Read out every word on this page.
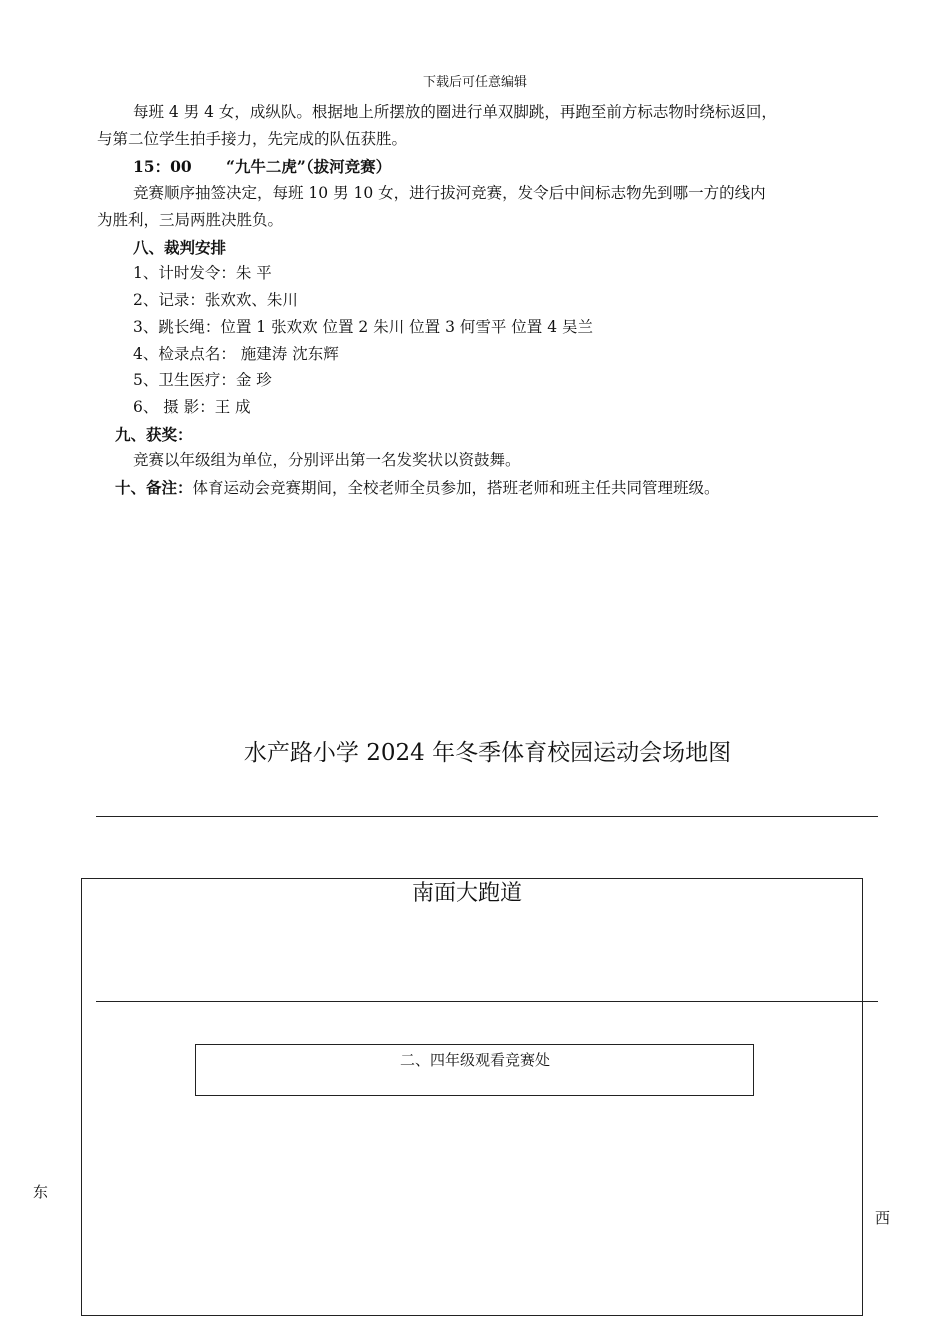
下载后可任意编辑
每班 4 男 4 女，成纵队。根据地上所摆放的圈进行单双脚跳，再跑至前方标志物时绕标返回，
与第二位学生拍手接力，先完成的队伍获胜。
15：00 “九牛二虎”（拔河竞赛）
竞赛顺序抽签决定，每班 10 男 10 女，进行拔河竞赛，发令后中间标志物先到哪一方的线内
为胜利，三局两胜决胜负。
八、裁判安排
1、计时发令：朱 平
2、记录：张欢欢、朱川
3、跳长绳：位置 1 张欢欢 位置 2 朱川 位置 3 何雪平 位置 4 吴兰
4、检录点名： 施建涛 沈东辉
5、卫生医疗：金 珍
6、 摄 影：王 成
九、获奖：
竞赛以年级组为单位，分别评出第一名发奖状以资鼓舞。
十、备注：体育运动会竞赛期间，全校老师全员参加，搭班老师和班主任共同管理班级。
水产路小学 2024 年冬季体育校园运动会场地图
南面大跑道
二、四年级观看竞赛处
东
西
